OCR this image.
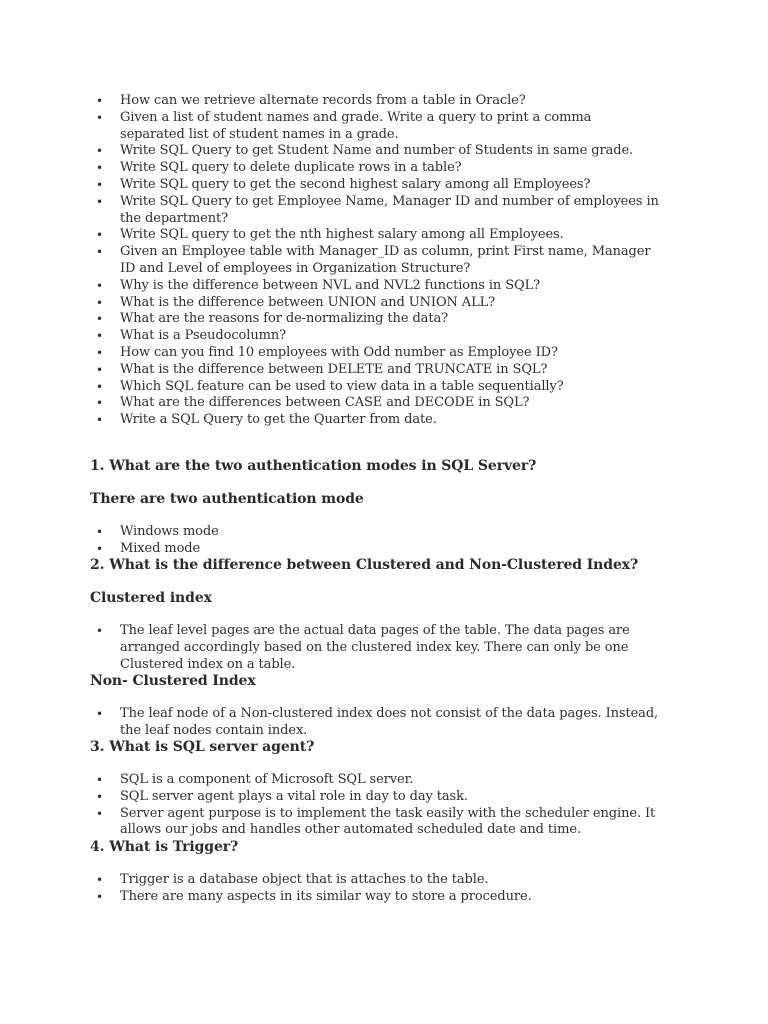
• How can we retrieve alternate records from a table in Oracle?
• Given a list of student names and grade. Write a query to print a comma separated list of student names in a grade.
• Write SQL Query to get Student Name and number of Students in same grade.
• Write SQL query to delete duplicate rows in a table?
• Write SQL query to get the second highest salary among all Employees?
• Write SQL Query to get Employee Name, Manager ID and number of employees in the department?
• Write SQL query to get the nth highest salary among all Employees.
• Given an Employee table with Manager_ID as column, print First name, Manager ID and Level of employees in Organization Structure?
• Why is the difference between NVL and NVL2 functions in SQL?
• What is the difference between UNION and UNION ALL?
• What are the reasons for de-normalizing the data?
• What is a Pseudocolumn?
• How can you find 10 employees with Odd number as Employee ID?
• What is the difference between DELETE and TRUNCATE in SQL?
• Which SQL feature can be used to view data in a table sequentially?
• What are the differences between CASE and DECODE in SQL?
• Write a SQL Query to get the Quarter from date.
1. What are the two authentication modes in SQL Server?
There are two authentication mode
• Windows mode
• Mixed mode
2. What is the difference between Clustered and Non-Clustered Index?
Clustered index
• The leaf level pages are the actual data pages of the table. The data pages are arranged accordingly based on the clustered index key. There can only be one Clustered index on a table.
Non- Clustered Index
• The leaf node of a Non-clustered index does not consist of the data pages. Instead, the leaf nodes contain index.
3. What is SQL server agent?
• SQL is a component of Microsoft SQL server.
• SQL server agent plays a vital role in day to day task.
• Server agent purpose is to implement the task easily with the scheduler engine. It allows our jobs and handles other automated scheduled date and time.
4. What is Trigger?
• Trigger is a database object that is attaches to the table.
• There are many aspects in its similar way to store a procedure.
